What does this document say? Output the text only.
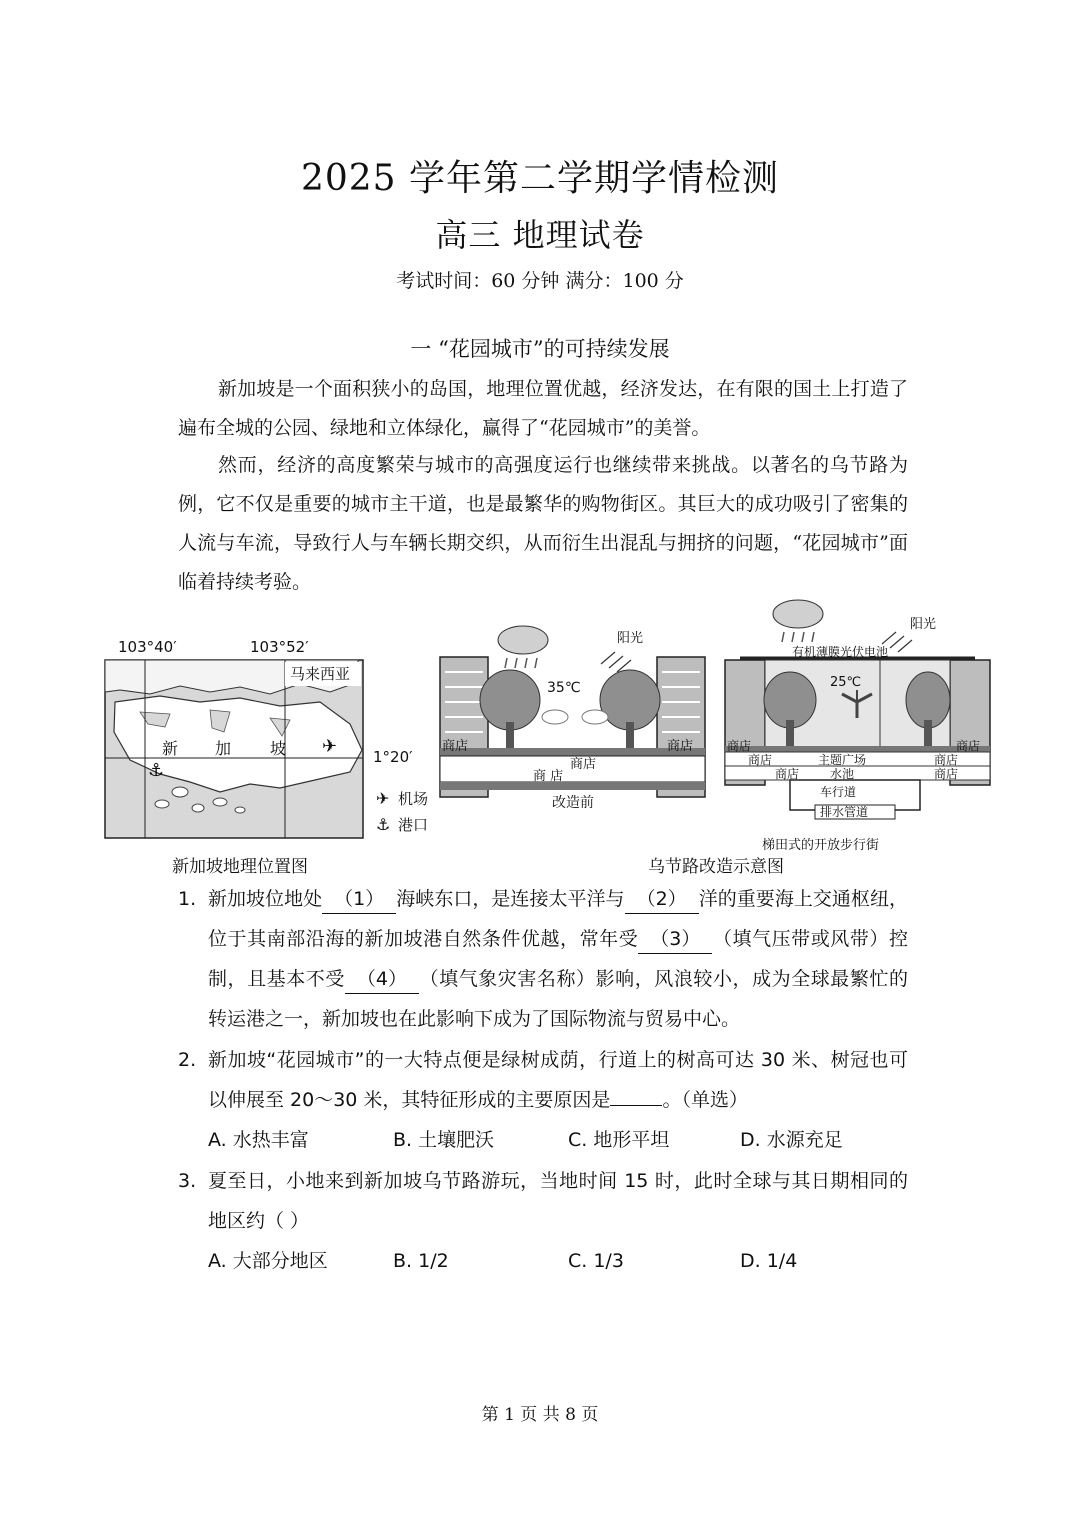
2025 学年第二学期学情检测
高三 地理试卷
考试时间：60 分钟 满分：100 分
一 “花园城市”的可持续发展
新加坡是一个面积狭小的岛国，地理位置优越，经济发达，在有限的国土上打造了遍布全城的公园、绿地和立体绿化，赢得了“花园城市”的美誉。
然而，经济的高度繁荣与城市的高强度运行也继续带来挑战。以著名的乌节路为例，它不仅是重要的城市主干道，也是最繁华的购物街区。其巨大的成功吸引了密集的人流与车流，导致行人与车辆长期交织，从而衍生出混乱与拥挤的问题，“花园城市”面临着持续考验。
103°40′	103°52′
马来西亚
新 加 坡 ✈
⚓
1°20′
✈ 机场
⚓ 港口
新加坡地理位置图
阳光
35℃
商店	商店
商店
商 店
改造前
阳光
有机薄膜光伏电池
25℃
商店	商店
商店	商店
商店	商店
主题广场
水池
车行道
排水管道
梯田式的开放步行街
乌节路改造示意图
1. 新加坡位地处 （1） 海峡东口，是连接太平洋与 （2） 洋的重要海上交通枢纽，位于其南部沿海的新加坡港自然条件优越，常年受 （3） （填气压带或风带）控制，且基本不受 （4） （填气象灾害名称）影响，风浪较小，成为全球最繁忙的转运港之一，新加坡也在此影响下成为了国际物流与贸易中心。
2. 新加坡“花园城市”的一大特点便是绿树成荫，行道上的树高可达 30 米、树冠也可以伸展至 20～30 米，其特征形成的主要原因是	。（单选）
A. 水热丰富	B. 土壤肥沃	C. 地形平坦	D. 水源充足
3. 夏至日，小地来到新加坡乌节路游玩，当地时间 15 时，此时全球与其日期相同的地区约（ ）
A. 大部分地区	B. 1/2	C. 1/3	D. 1/4
第 1 页 共 8 页
